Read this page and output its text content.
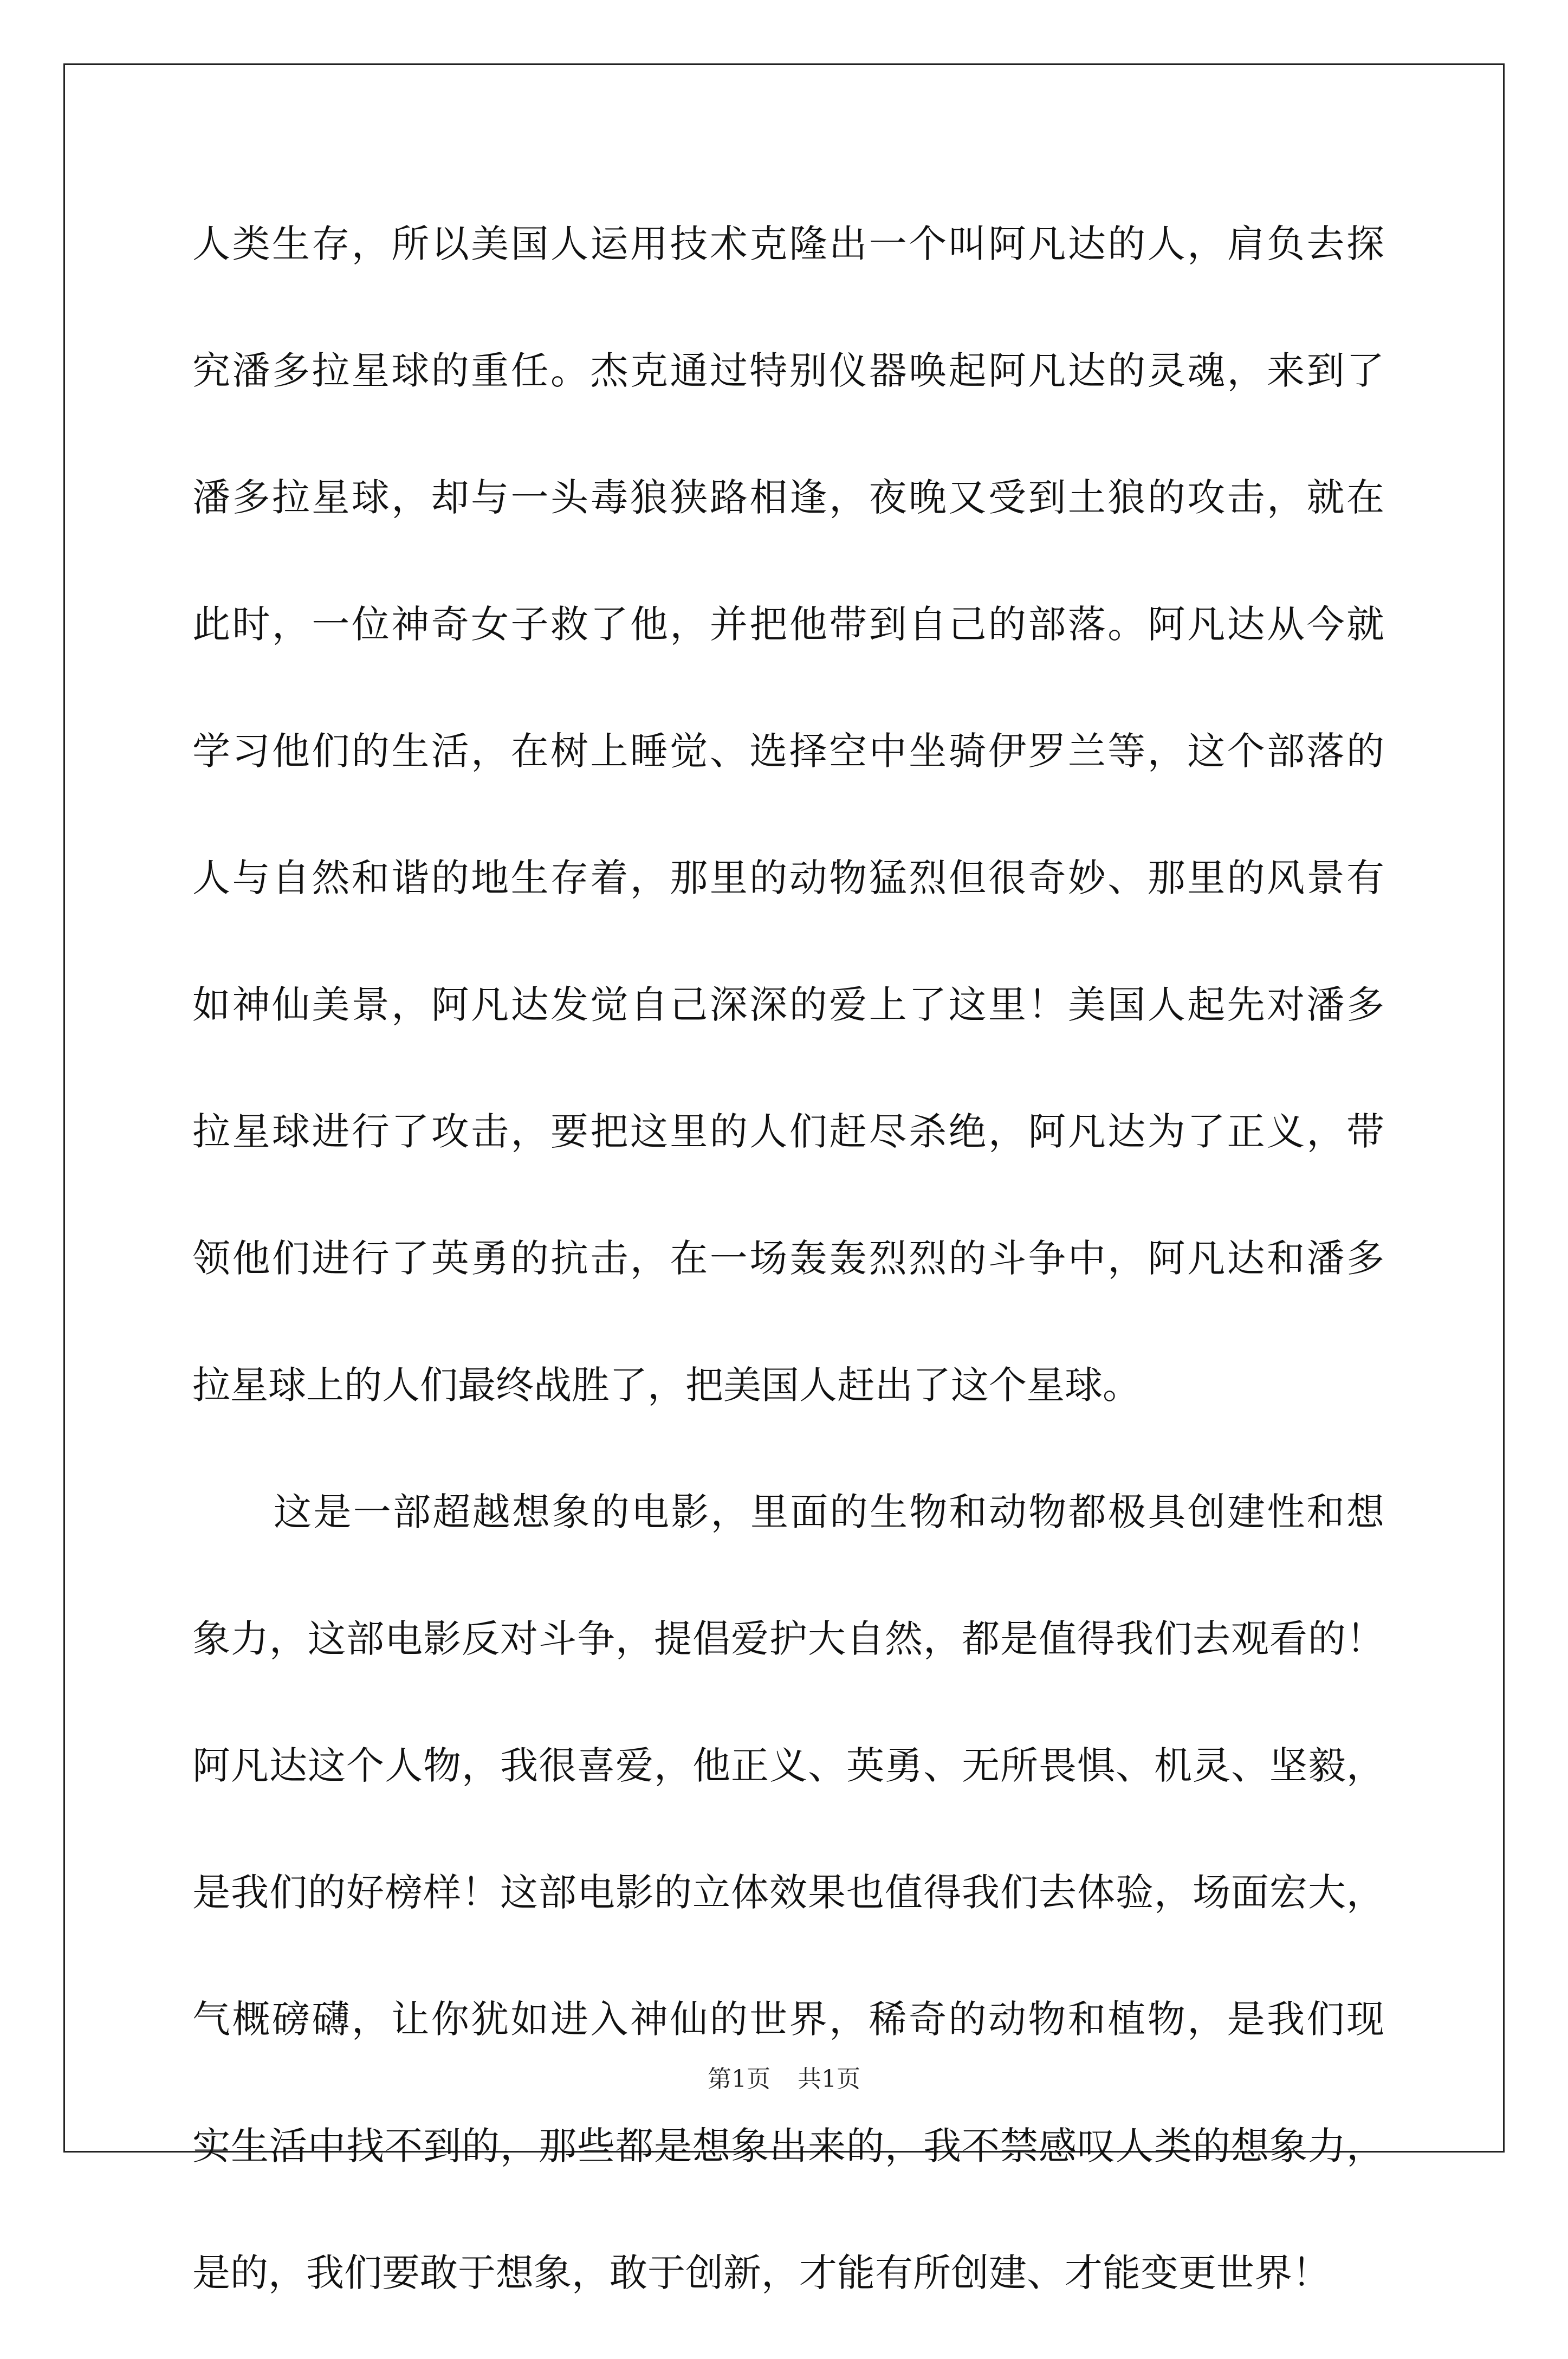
人类生存，所以美国人运用技术克隆出一个叫阿凡达的人，肩负去探
究潘多拉星球的重任。杰克通过特别仪器唤起阿凡达的灵魂，来到了
潘多拉星球，却与一头毒狼狭路相逢，夜晚又受到土狼的攻击，就在
此时，一位神奇女子救了他，并把他带到自己的部落。阿凡达从今就
学习他们的生活，在树上睡觉、选择空中坐骑伊罗兰等，这个部落的
人与自然和谐的地生存着，那里的动物猛烈但很奇妙、那里的风景有
如神仙美景，阿凡达发觉自己深深的爱上了这里！美国人起先对潘多
拉星球进行了攻击，要把这里的人们赶尽杀绝，阿凡达为了正义，带
领他们进行了英勇的抗击，在一场轰轰烈烈的斗争中，阿凡达和潘多
拉星球上的人们最终战胜了，把美国人赶出了这个星球。
这是一部超越想象的电影，里面的生物和动物都极具创建性和想
象力，这部电影反对斗争，提倡爱护大自然，都是值得我们去观看的！
阿凡达这个人物，我很喜爱，他正义、英勇、无所畏惧、机灵、坚毅，
是我们的好榜样！这部电影的立体效果也值得我们去体验，场面宏大，
气概磅礴，让你犹如进入神仙的世界，稀奇的动物和植物，是我们现
实生活中找不到的，那些都是想象出来的，我不禁感叹人类的想象力，
是的，我们要敢于想象，敢于创新，才能有所创建、才能变更世界！
第1页 共1页
